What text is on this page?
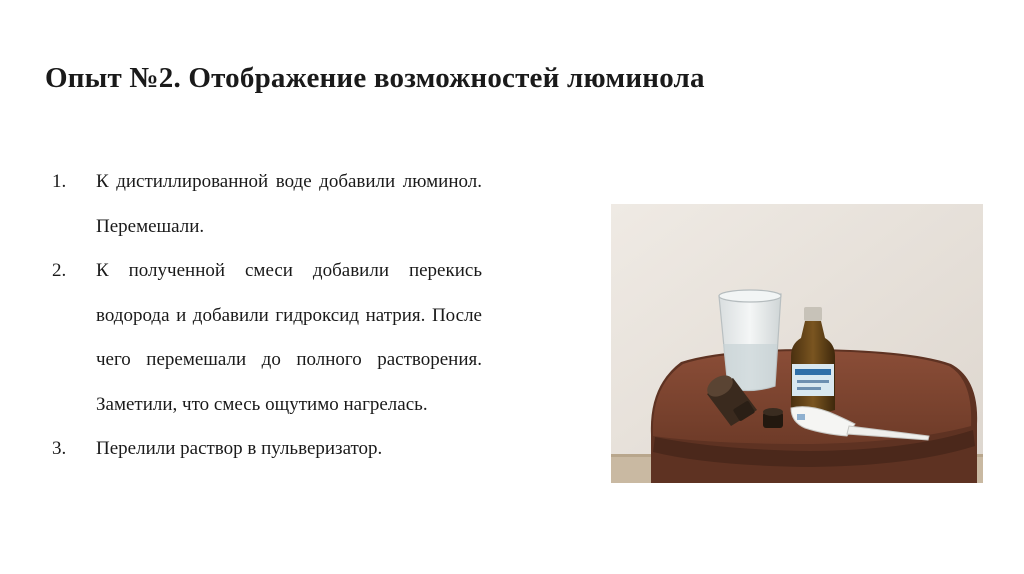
Опыт №2. Отображение возможностей люминола
1. К дистиллированной воде добавили люминол. Перемешали.
2. К полученной смеси добавили перекись водорода и добавили гидроксид натрия. После чего перемешали до полного растворения. Заметили, что смесь ощутимо нагрелась.
3. Перелили раствор в пульверизатор.
